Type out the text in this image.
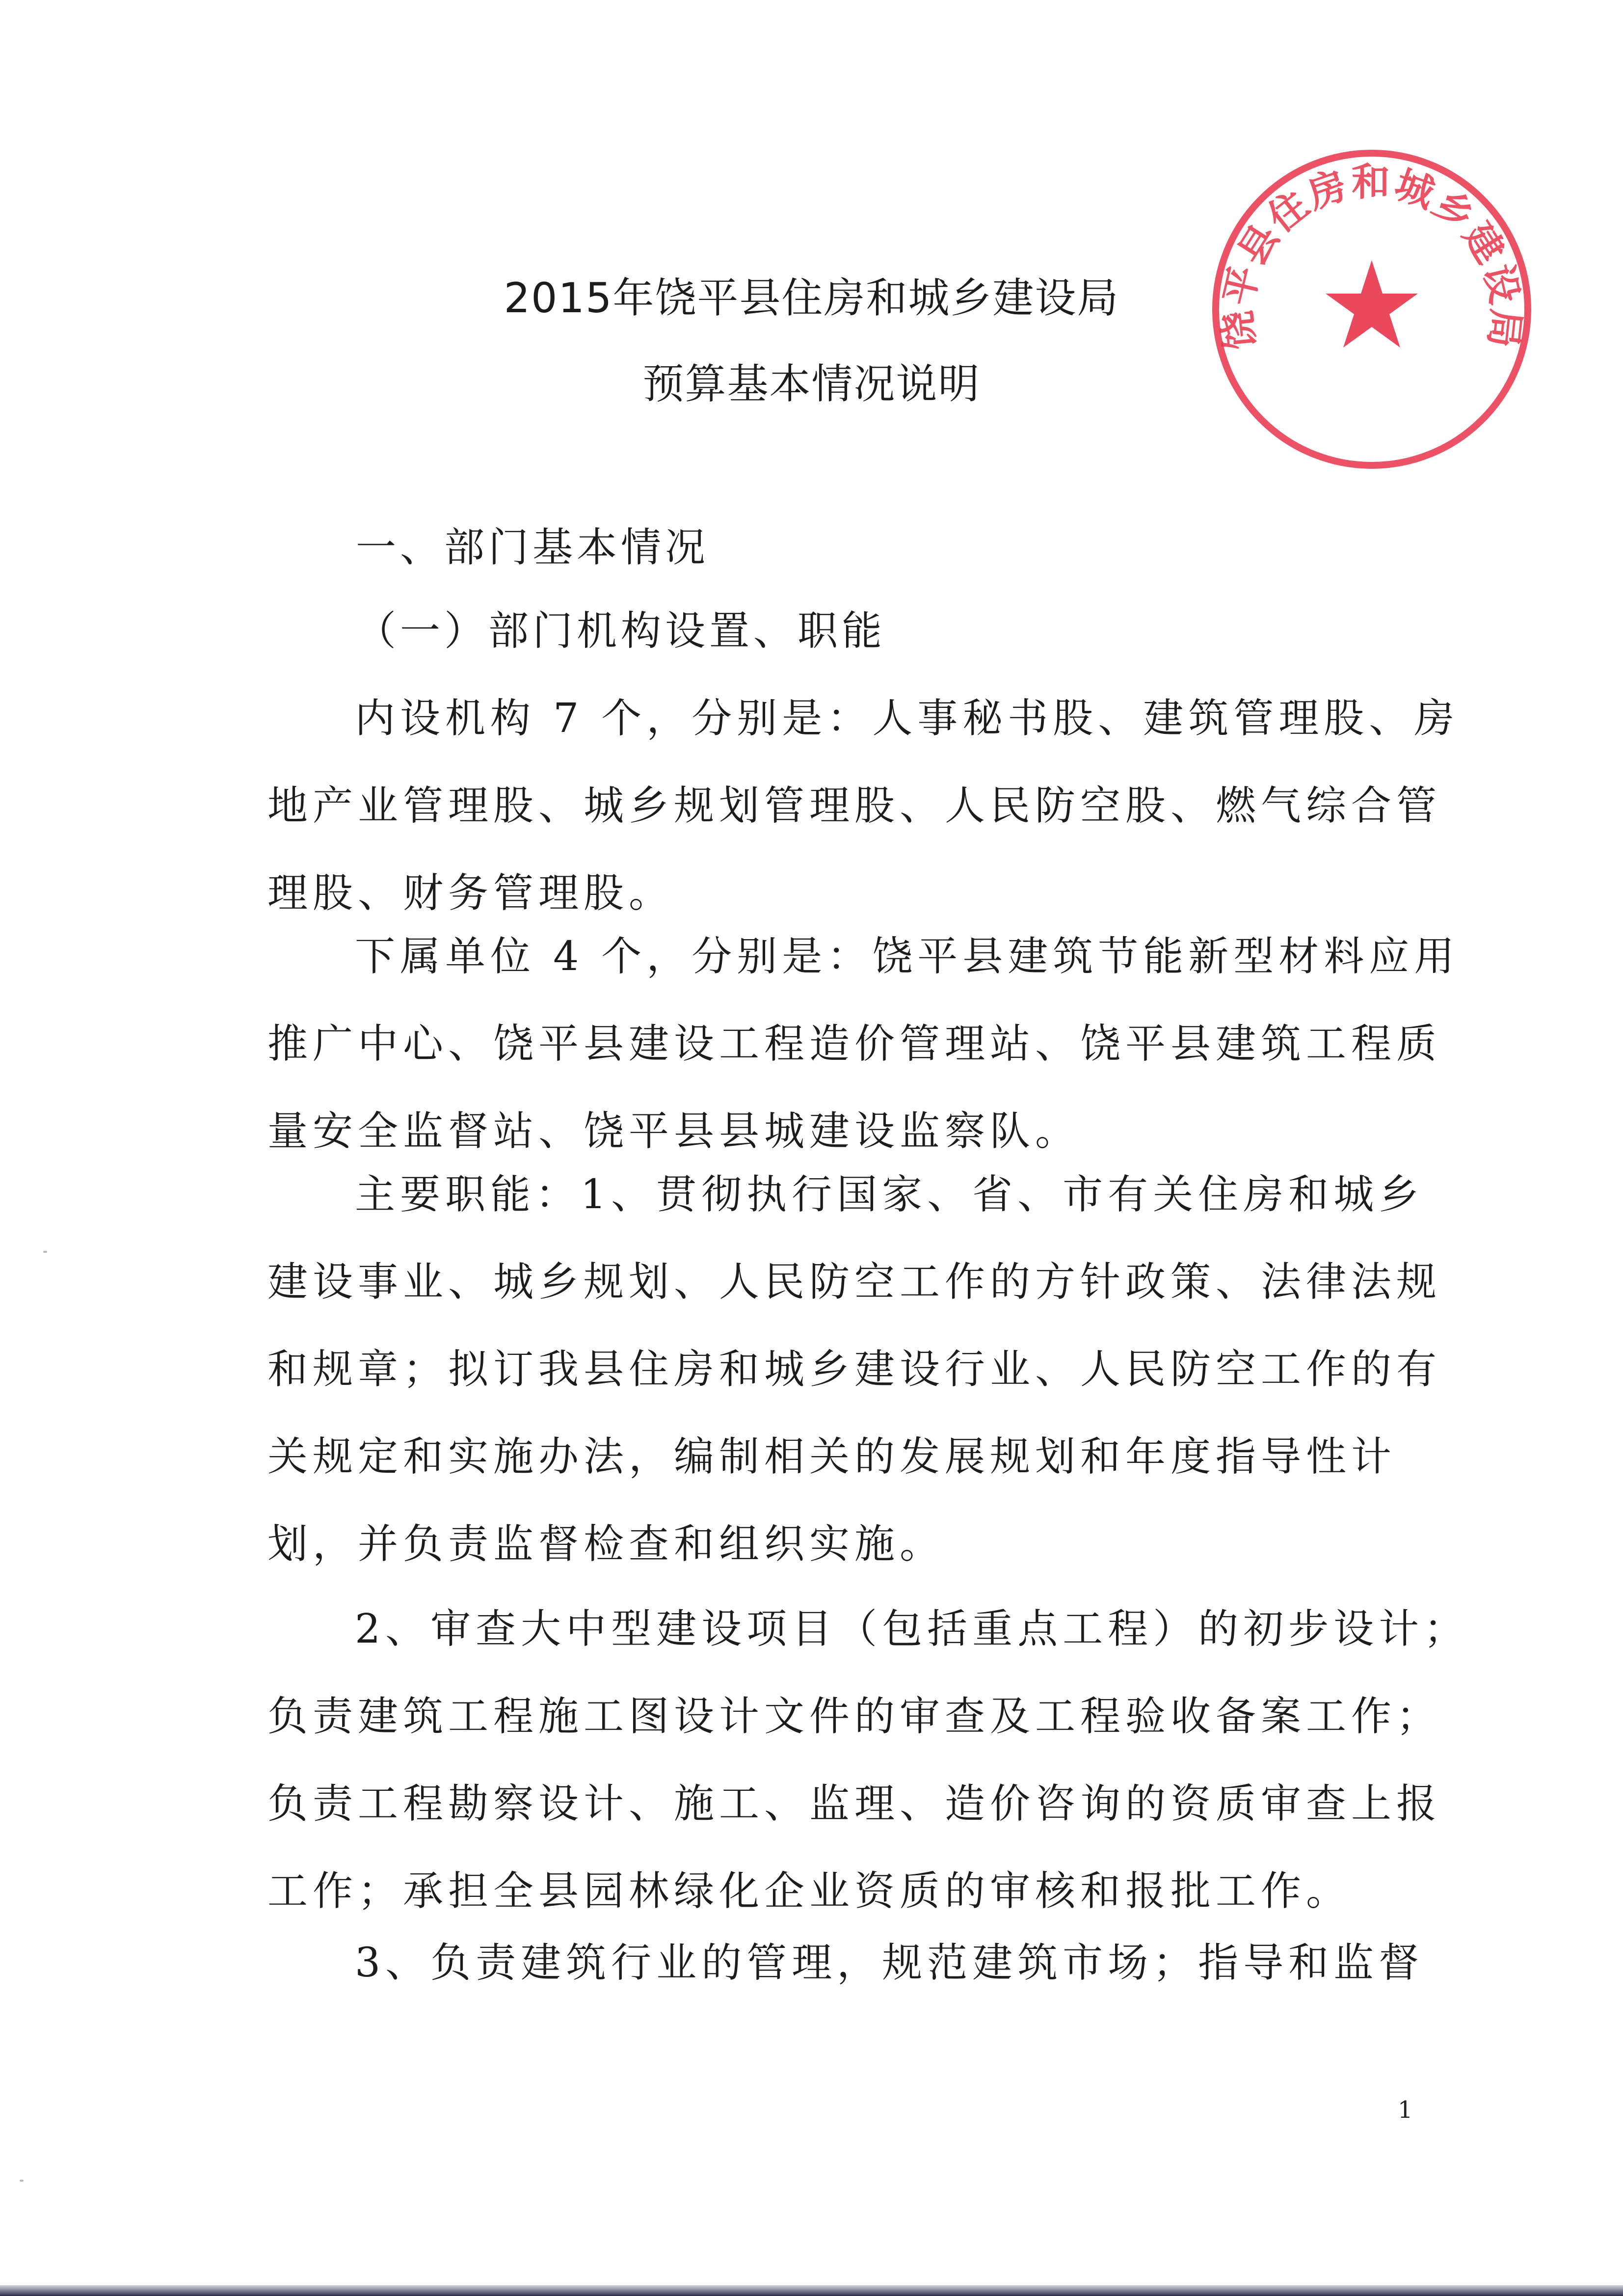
饶平县住房和城乡建设局
2015年饶平县住房和城乡建设局
预算基本情况说明
一、部门基本情况
（一）部门机构设置、职能
内设机构 7 个，分别是：人事秘书股、建筑管理股、房
地产业管理股、城乡规划管理股、人民防空股、燃气综合管
理股、财务管理股。
下属单位 4 个，分别是：饶平县建筑节能新型材料应用
推广中心、饶平县建设工程造价管理站、饶平县建筑工程质
量安全监督站、饶平县县城建设监察队。
主要职能：1、贯彻执行国家、省、市有关住房和城乡
建设事业、城乡规划、人民防空工作的方针政策、法律法规
和规章；拟订我县住房和城乡建设行业、人民防空工作的有
关规定和实施办法，编制相关的发展规划和年度指导性计
划，并负责监督检查和组织实施。
2、审查大中型建设项目（包括重点工程）的初步设计；
负责建筑工程施工图设计文件的审查及工程验收备案工作；
负责工程勘察设计、施工、监理、造价咨询的资质审查上报
工作；承担全县园林绿化企业资质的审核和报批工作。
3、负责建筑行业的管理，规范建筑市场；指导和监督
1
